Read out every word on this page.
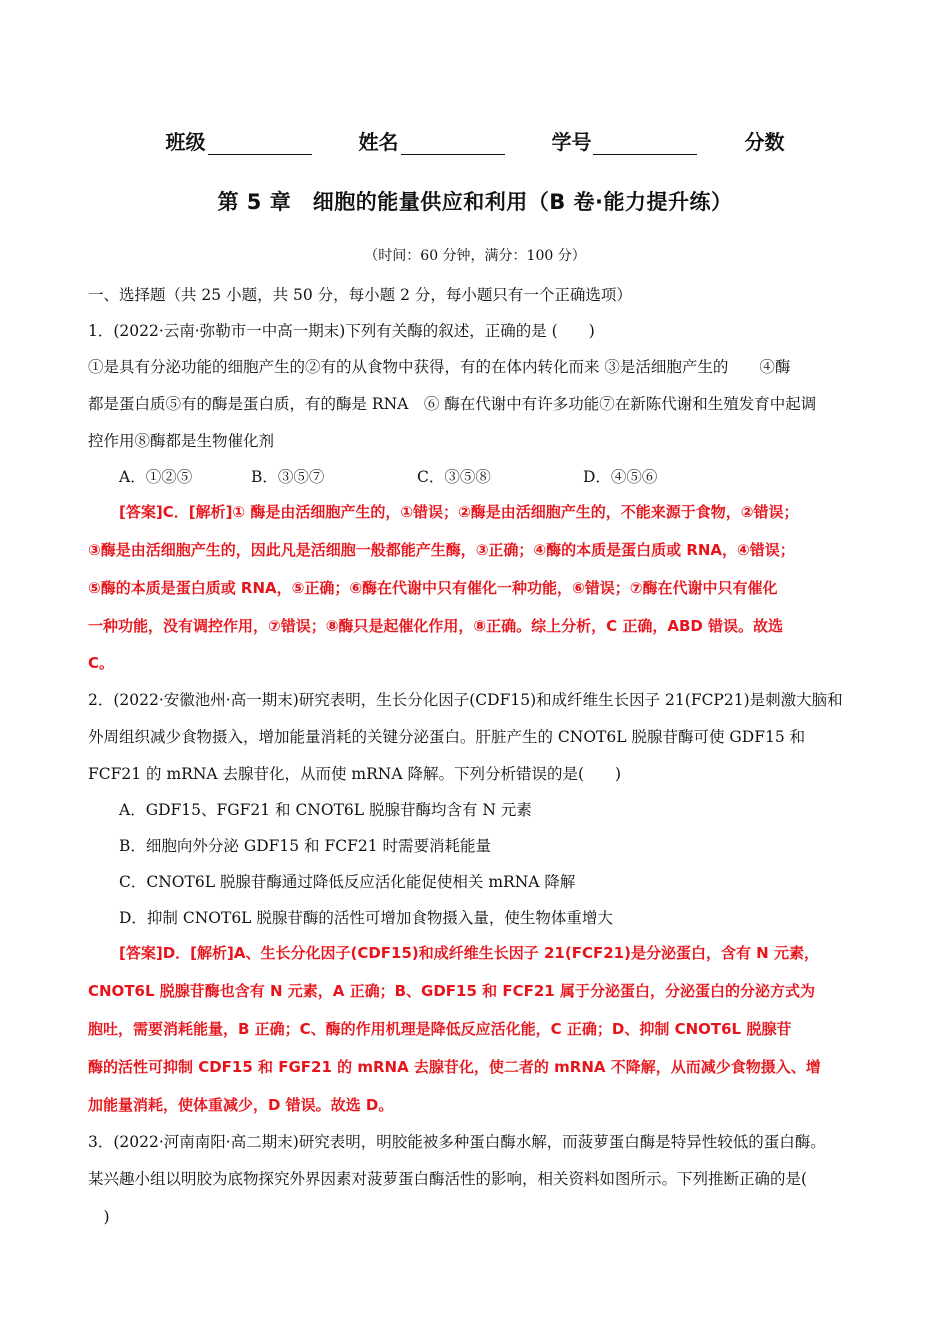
班级	姓名	学号	分数
第 5 章　细胞的能量供应和利用（B 卷·能力提升练）
（时间：60 分钟，满分：100 分）
一、选择题（共 25 小题，共 50 分，每小题 2 分，每小题只有一个正确选项）
1．(2022·云南·弥勒市一中高一期末)下列有关酶的叙述，正确的是 (　　)
①是具有分泌功能的细胞产生的②有的从食物中获得，有的在体内转化而来 ③是活细胞产生的　　④酶
都是蛋白质⑤有的酶是蛋白质，有的酶是 RNA　⑥ 酶在代谢中有许多功能⑦在新陈代谢和生殖发育中起调
控作用⑧酶都是生物催化剂
A．①②⑤	B．③⑤⑦	C．③⑤⑧	D．④⑤⑥
[答案]C．[解析]① 酶是由活细胞产生的，①错误；②酶是由活细胞产生的，不能来源于食物，②错误；
③酶是由活细胞产生的，因此凡是活细胞一般都能产生酶，③正确；④酶的本质是蛋白质或 RNA，④错误；
⑤酶的本质是蛋白质或 RNA，⑤正确；⑥酶在代谢中只有催化一种功能，⑥错误；⑦酶在代谢中只有催化
一种功能，没有调控作用，⑦错误；⑧酶只是起催化作用，⑧正确。综上分析，C 正确，ABD 错误。故选
C。
2．(2022·安徽池州·高一期末)研究表明，生长分化因子(CDF15)和成纤维生长因子 21(FCP21)是刺激大脑和
外周组织减少食物摄入，增加能量消耗的关键分泌蛋白。肝脏产生的 CNOT6L 脱腺苷酶可使 GDF15 和
FCF21 的 mRNA 去腺苷化，从而使 mRNA 降解。下列分析错误的是(　　)
A．GDF15、FGF21 和 CNOT6L 脱腺苷酶均含有 N 元素
B．细胞向外分泌 GDF15 和 FCF21 时需要消耗能量
C．CNOT6L 脱腺苷酶通过降低反应活化能促使相关 mRNA 降解
D．抑制 CNOT6L 脱腺苷酶的活性可增加食物摄入量，使生物体重增大
[答案]D．[解析]A、生长分化因子(CDF15)和成纤维生长因子 21(FCF21)是分泌蛋白，含有 N 元素，
CNOT6L 脱腺苷酶也含有 N 元素，A 正确；B、GDF15 和 FCF21 属于分泌蛋白，分泌蛋白的分泌方式为
胞吐，需要消耗能量，B 正确；C、酶的作用机理是降低反应活化能，C 正确；D、抑制 CNOT6L 脱腺苷
酶的活性可抑制 CDF15 和 FGF21 的 mRNA 去腺苷化，使二者的 mRNA 不降解，从而减少食物摄入、增
加能量消耗，使体重减少，D 错误。故选 D。
3．(2022·河南南阳·高二期末)研究表明，明胶能被多种蛋白酶水解，而菠萝蛋白酶是特异性较低的蛋白酶。
某兴趣小组以明胶为底物探究外界因素对菠萝蛋白酶活性的影响，相关资料如图所示。下列推断正确的是(
　)
